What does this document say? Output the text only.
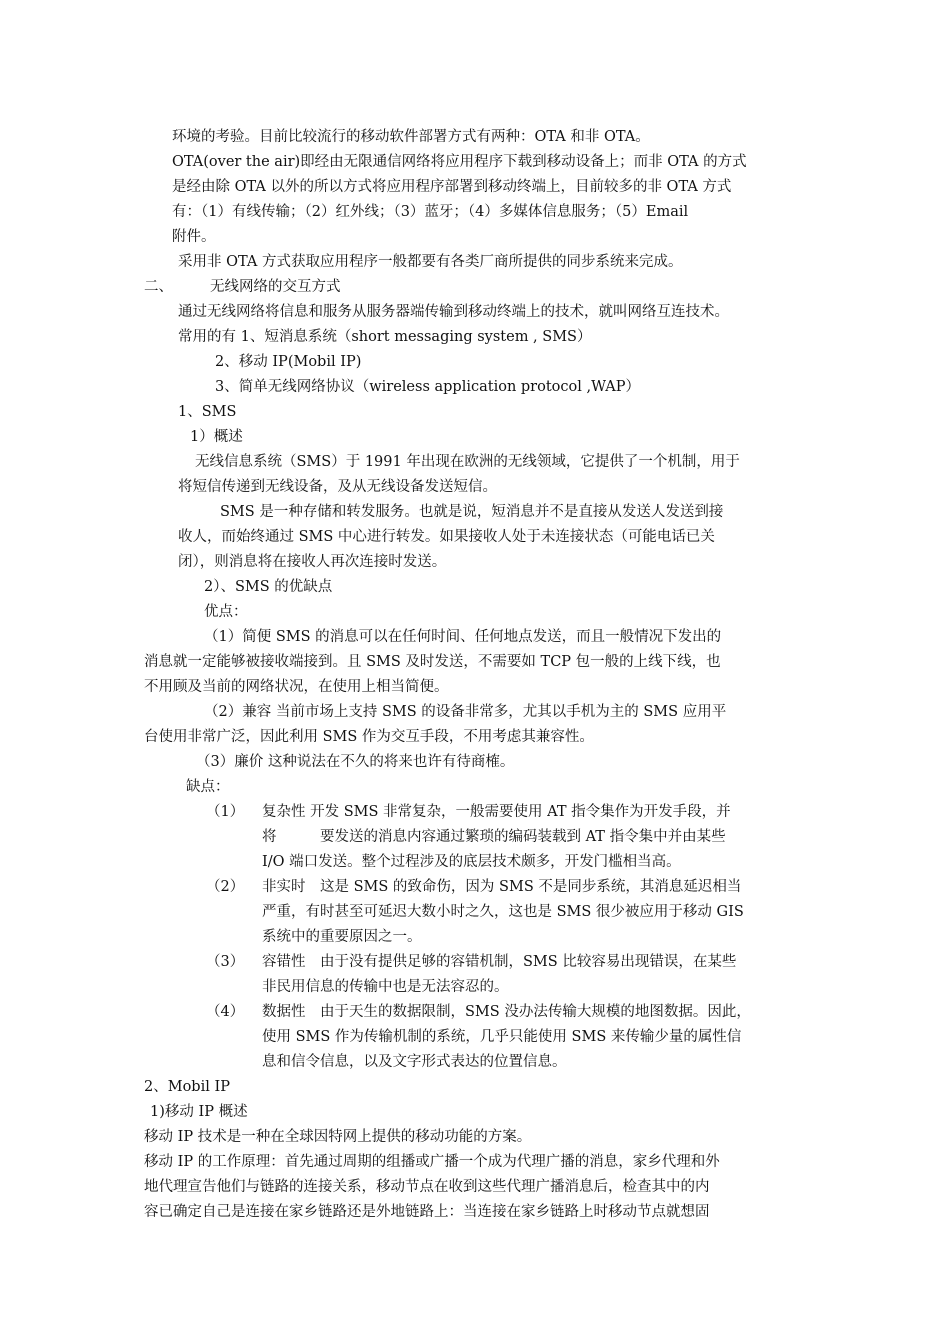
环境的考验。目前比较流行的移动软件部署方式有两种：OTA 和非 OTA。
OTA(over the air)即经由无限通信网络将应用程序下载到移动设备上；而非 OTA 的方式
是经由除 OTA 以外的所以方式将应用程序部署到移动终端上，目前较多的非 OTA 方式
有：（1）有线传输；（2）红外线；（3）蓝牙；（4）多媒体信息服务；（5）Email
附件。
采用非 OTA 方式获取应用程序一般都要有各类厂商所提供的同步系统来完成。
二、	无线网络的交互方式
通过无线网络将信息和服务从服务器端传输到移动终端上的技术，就叫网络互连技术。
常用的有 1、短消息系统（short messaging system , SMS）
2、移动 IP(Mobil IP)
3、简单无线网络协议（wireless application protocol ,WAP）
1、SMS
1）概述
无线信息系统（SMS）于 1991 年出现在欧洲的无线领域，它提供了一个机制，用于
将短信传递到无线设备，及从无线设备发送短信。
SMS 是一种存储和转发服务。也就是说，短消息并不是直接从发送人发送到接
收人，而始终通过 SMS 中心进行转发。如果接收人处于未连接状态（可能电话已关
闭），则消息将在接收人再次连接时发送。
2）、SMS 的优缺点
优点：
（1）简便 SMS 的消息可以在任何时间、任何地点发送，而且一般情况下发出的
消息就一定能够被接收端接到。且 SMS 及时发送，不需要如 TCP 包一般的上线下线，也
不用顾及当前的网络状况，在使用上相当简便。
（2）兼容 当前市场上支持 SMS 的设备非常多，尤其以手机为主的 SMS 应用平
台使用非常广泛，因此利用 SMS 作为交互手段，不用考虑其兼容性。
（3）廉价 这种说法在不久的将来也许有待商榷。
缺点：
（1） 复杂性 开发 SMS 非常复杂，一般需要使用 AT 指令集作为开发手段，并
将　　　要发送的消息内容通过繁琐的编码装载到 AT 指令集中并由某些
I/O 端口发送。整个过程涉及的底层技术颇多，开发门槛相当高。
（2） 非实时　这是 SMS 的致命伤，因为 SMS 不是同步系统，其消息延迟相当
严重，有时甚至可延迟大数小时之久，这也是 SMS 很少被应用于移动 GIS
系统中的重要原因之一。
（3） 容错性　由于没有提供足够的容错机制，SMS 比较容易出现错误，在某些
非民用信息的传输中也是无法容忍的。
（4） 数据性　由于天生的数据限制，SMS 没办法传输大规模的地图数据。因此，
使用 SMS 作为传输机制的系统，几乎只能使用 SMS 来传输少量的属性信
息和信令信息，以及文字形式表达的位置信息。
2、Mobil IP
1)移动 IP 概述
移动 IP 技术是一种在全球因特网上提供的移动功能的方案。
移动 IP 的工作原理：首先通过周期的组播或广播一个成为代理广播的消息，家乡代理和外
地代理宣告他们与链路的连接关系，移动节点在收到这些代理广播消息后，检查其中的内
容已确定自己是连接在家乡链路还是外地链路上：当连接在家乡链路上时移动节点就想固
